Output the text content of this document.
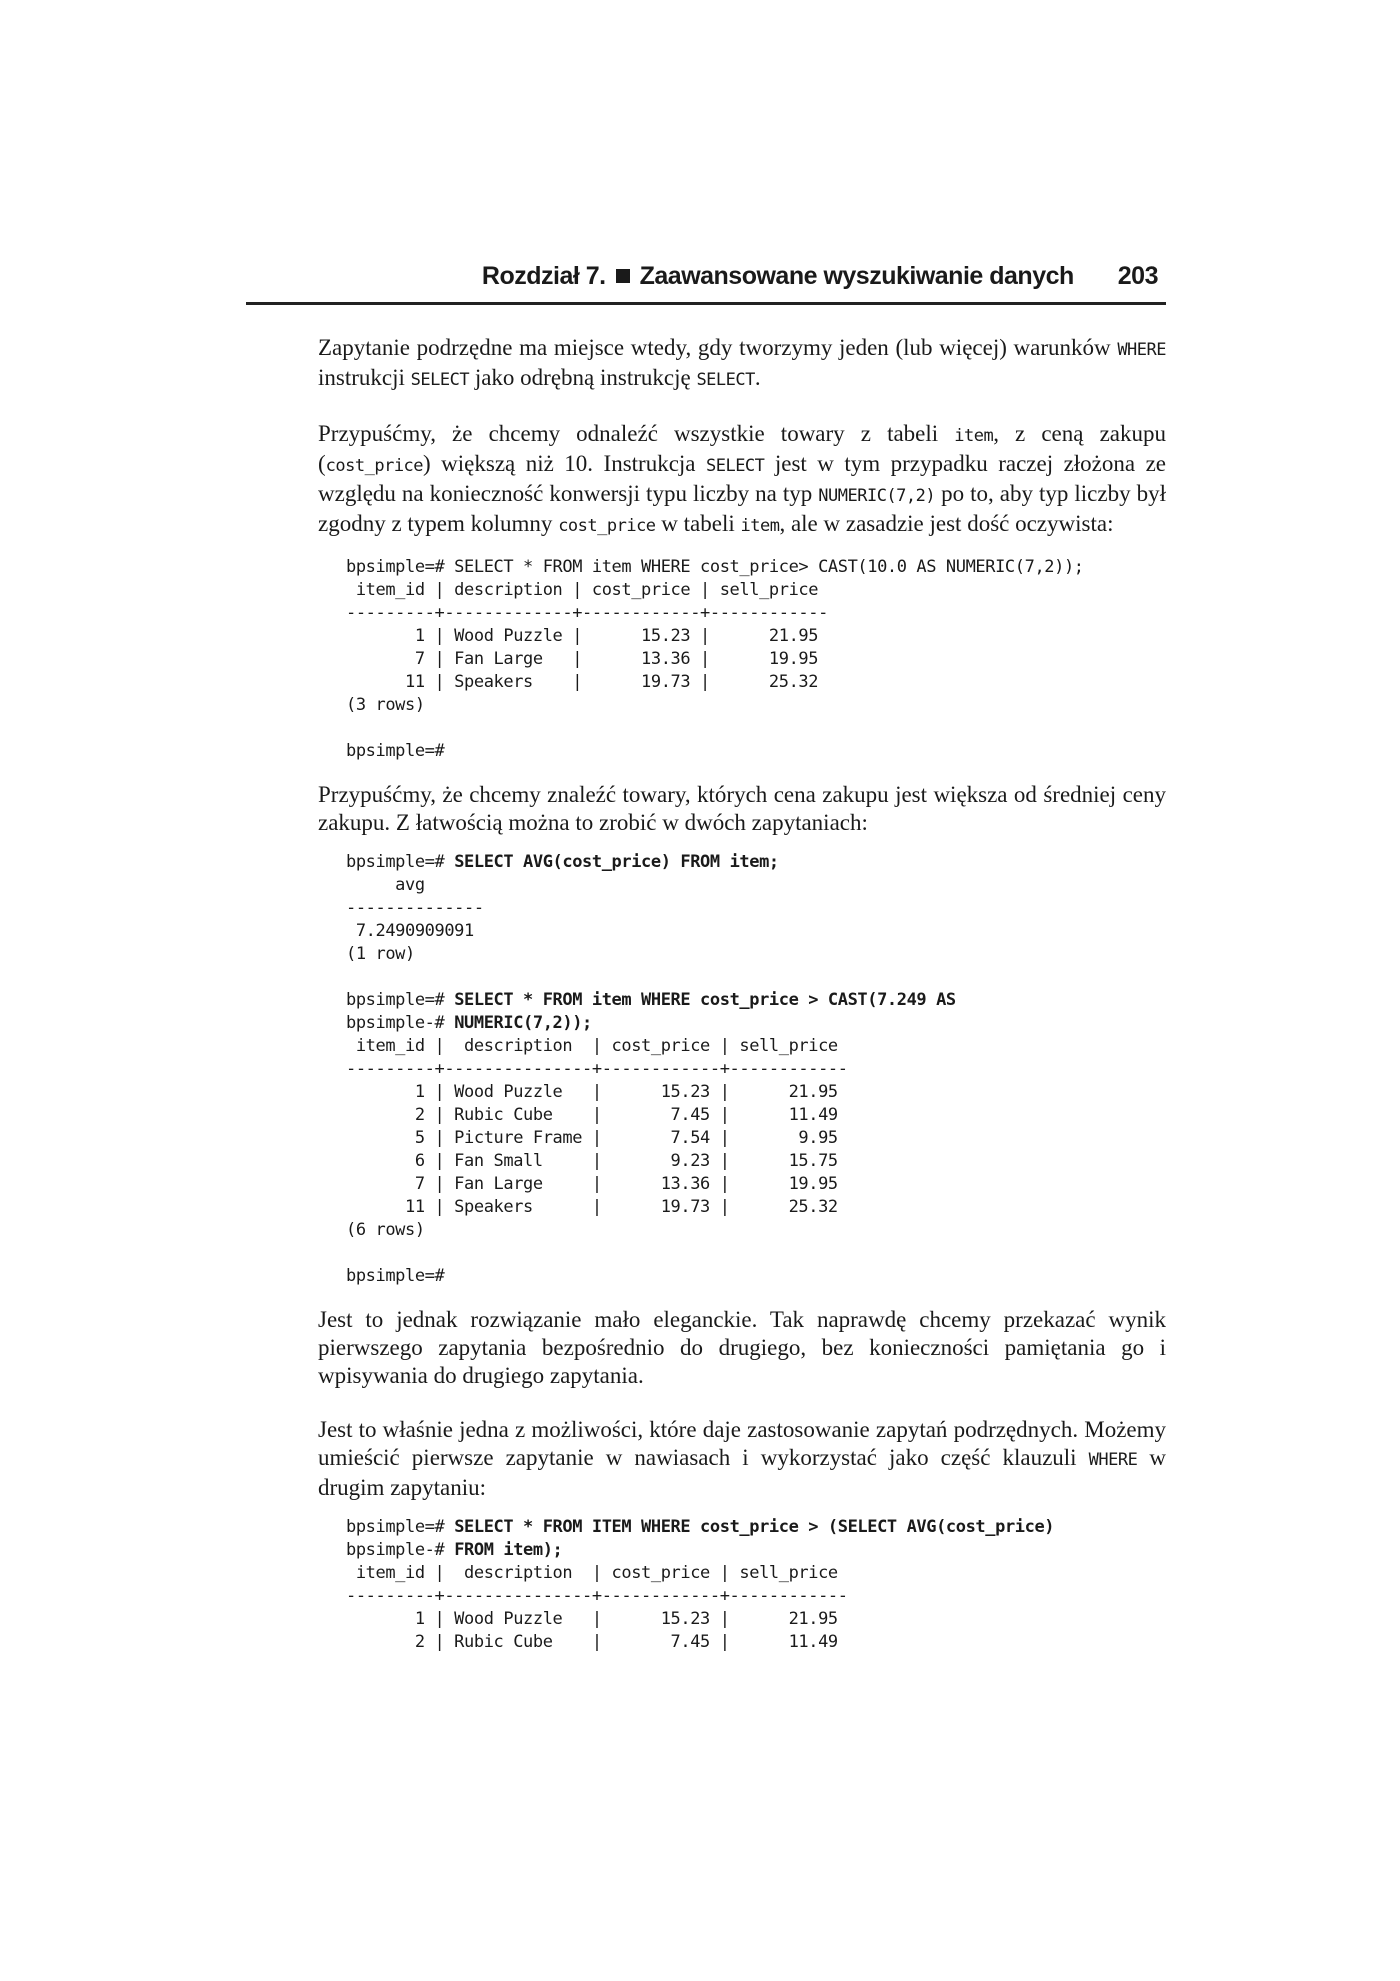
Rozdział 7. Zaawansowane wyszukiwanie danych 203

Zapytanie podrzędne ma miejsce wtedy, gdy tworzymy jeden (lub więcej) warunków WHERE instrukcji SELECT jako odrębną instrukcję SELECT.

Przypuśćmy, że chcemy odnaleźć wszystkie towary z tabeli item, z ceną zakupu (cost_price) większą niż 10. Instrukcja SELECT jest w tym przypadku raczej złożona ze względu na konieczność konwersji typu liczby na typ NUMERIC(7,2) po to, aby typ liczby był zgodny z typem kolumny cost_price w tabeli item, ale w zasadzie jest dość oczywista:

bpsimple=# SELECT * FROM item WHERE cost_price> CAST(10.0 AS NUMERIC(7,2));
item_id | description | cost_price | sell_price
---------+-------------+------------+------------
1 | Wood Puzzle |      15.23 |      21.95
7 | Fan Large   |      13.36 |      19.95
11 | Speakers    |      19.73 |      25.32
(3 rows)

bpsimple=#

Przypuśćmy, że chcemy znaleźć towary, których cena zakupu jest większa od średniej ceny zakupu. Z łatwością można to zrobić w dwóch zapytaniach:

bpsimple=# SELECT AVG(cost_price) FROM item;
avg
--------------
7.2490909091
(1 row)

bpsimple=# SELECT * FROM item WHERE cost_price > CAST(7.249 AS
bpsimple-# NUMERIC(7,2));
item_id |  description  | cost_price | sell_price
---------+---------------+------------+------------
1 | Wood Puzzle   |      15.23 |      21.95
2 | Rubic Cube    |       7.45 |      11.49
5 | Picture Frame |       7.54 |       9.95
6 | Fan Small     |       9.23 |      15.75
7 | Fan Large     |      13.36 |      19.95
11 | Speakers      |      19.73 |      25.32
(6 rows)

bpsimple=#

Jest to jednak rozwiązanie mało eleganckie. Tak naprawdę chcemy przekazać wynik pierwszego zapytania bezpośrednio do drugiego, bez konieczności pamiętania go i wpisywania do drugiego zapytania.

Jest to właśnie jedna z możliwości, które daje zastosowanie zapytań podrzędnych. Możemy umieścić pierwsze zapytanie w nawiasach i wykorzystać jako część klauzuli WHERE w drugim zapytaniu:

bpsimple=# SELECT * FROM ITEM WHERE cost_price > (SELECT AVG(cost_price)
bpsimple-# FROM item);
item_id |  description  | cost_price | sell_price
---------+---------------+------------+------------
1 | Wood Puzzle   |      15.23 |      21.95
2 | Rubic Cube    |       7.45 |      11.49
